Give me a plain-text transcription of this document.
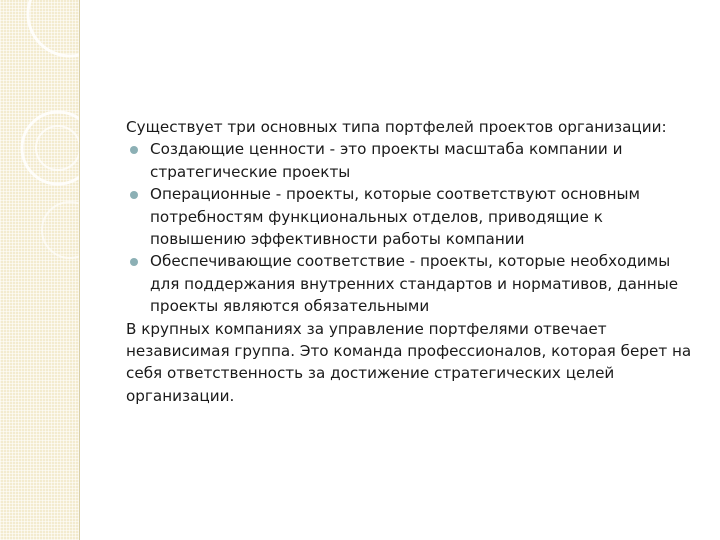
Существует три основных типа портфелей проектов организации:

Создающие ценности - это проекты масштаба компании и стратегические проекты
Операционные - проекты, которые соответствуют основным потребностям функциональных отделов, приводящие к повышению эффективности работы компании
Обеспечивающие соответствие - проекты, которые необходимы для поддержания внутренних стандартов и нормативов, данные проекты являются обязательными

В крупных компаниях за управление портфелями отвечает независимая группа. Это команда профессионалов, которая берет на себя ответственность за достижение стратегических целей организации.
